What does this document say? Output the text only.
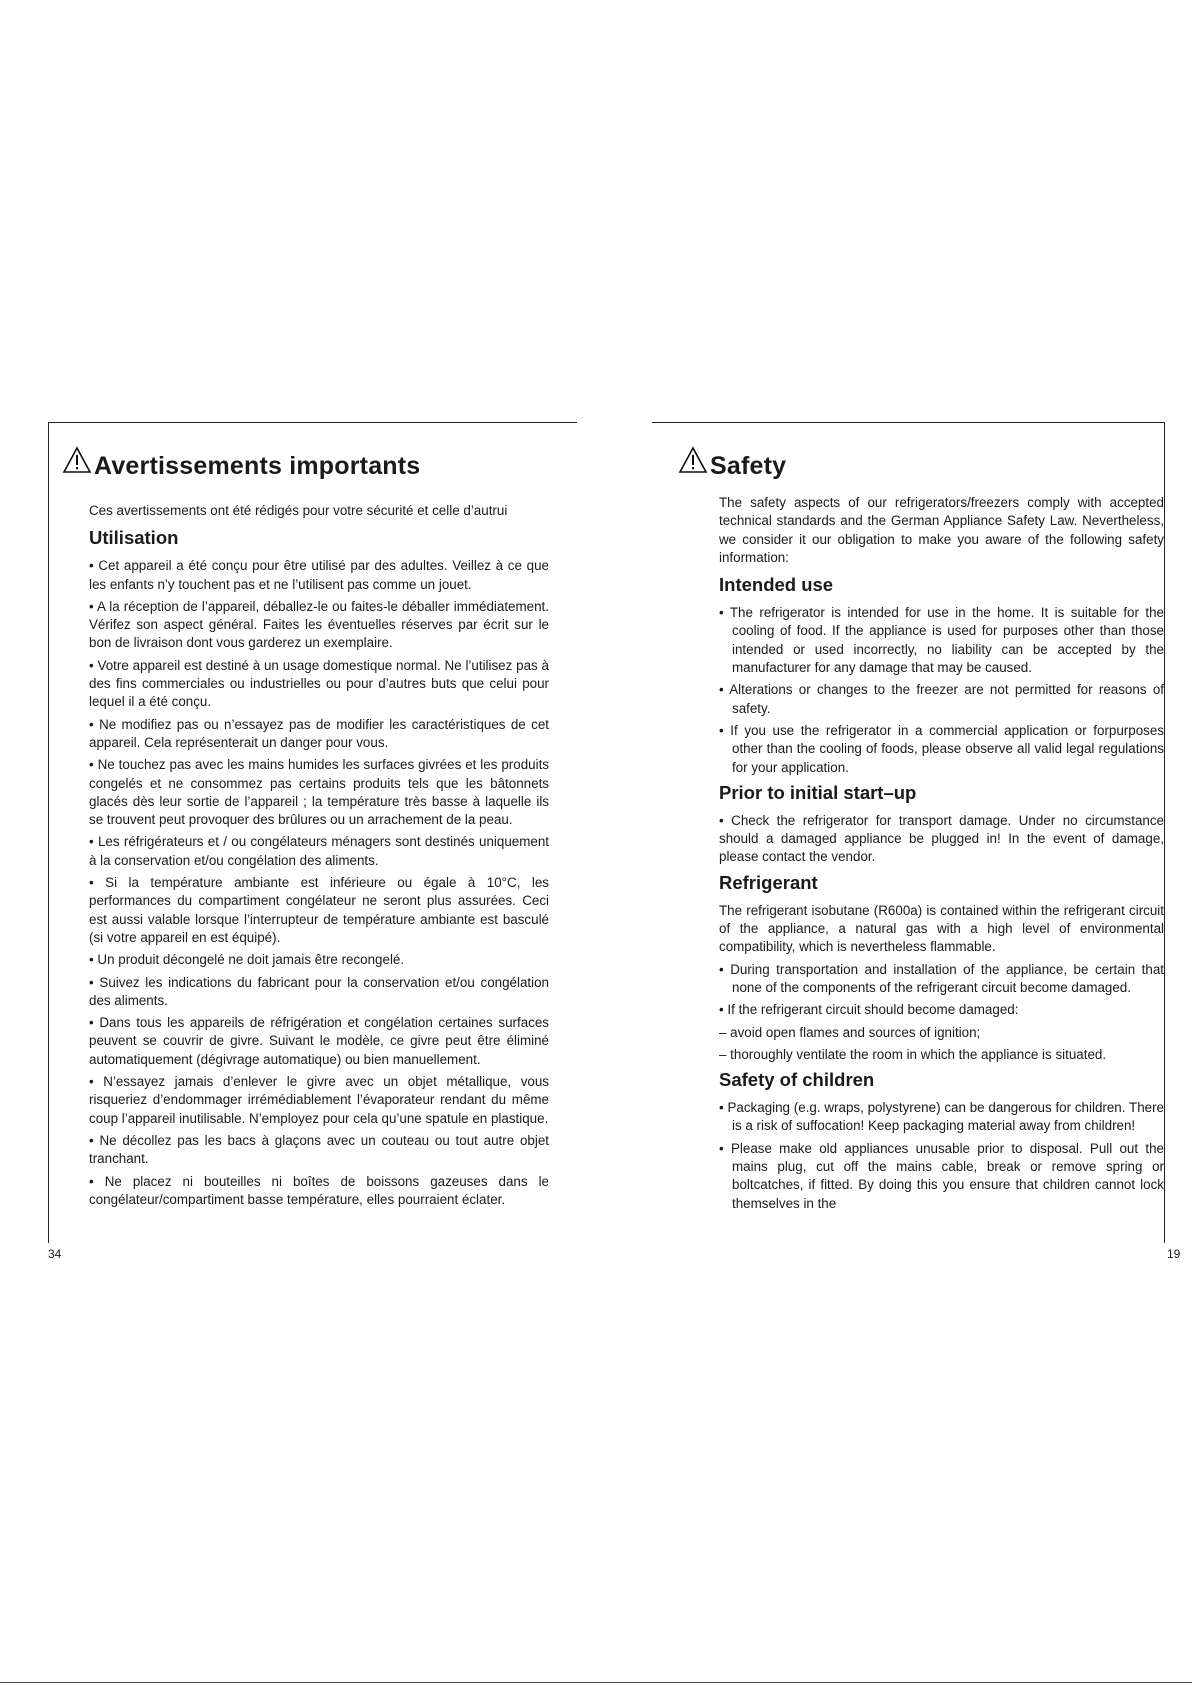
Avertissements importants

Ces avertissements ont été rédigés pour votre sécurité et celle d’autrui

Utilisation

• Cet appareil a été conçu pour être utilisé par des adultes. Veillez à ce que les enfants n’y touchent pas et ne l’utilisent pas comme un jouet.

• A la réception de l’appareil, déballez-le ou faites-le déballer immédiatement. Vérifez son aspect général. Faites les éventuelles réserves par écrit sur le bon de livraison dont vous garderez un exemplaire.

• Votre appareil est destiné à un usage domestique normal. Ne l’utilisez pas à des fins commerciales ou industrielles ou pour d’autres buts que celui pour lequel il a été conçu.

• Ne modifiez pas ou n’essayez pas de modifier les caractéristiques de cet appareil. Cela représenterait un danger pour vous.

• Ne touchez pas avec les mains humides les surfaces givrées et les produits congelés et ne consommez pas certains produits tels que les bâtonnets glacés dès leur sortie de l’appareil ; la température très basse à laquelle ils se trouvent peut provoquer des brûlures ou un arrachement de la peau.

• Les réfrigérateurs et / ou congélateurs ménagers sont destinés uniquement à la conservation et/ou congélation des aliments.

• Si la température ambiante est inférieure ou égale à 10°C, les performances du compartiment congélateur ne seront plus assurées. Ceci est aussi valable lorsque l’interrupteur de température ambiante est basculé (si votre appareil en est équipé).

• Un produit décongelé ne doit jamais être recongelé.

• Suivez les indications du fabricant pour la conservation et/ou congélation des aliments.

• Dans tous les appareils de réfrigération et congélation certaines surfaces peuvent se couvrir de givre. Suivant le modèle, ce givre peut être éliminé automatiquement (dégivrage automatique) ou bien manuellement.

• N’essayez jamais d’enlever le givre avec un objet métallique, vous risqueriez d’endommager irrémédiablement l’évaporateur rendant du même coup l’appareil inutilisable. N’employez pour cela qu’une spatule en plastique.

• Ne décollez pas les bacs à glaçons avec un couteau ou tout autre objet tranchant.

• Ne placez ni bouteilles ni boîtes de boissons gazeuses dans le congélateur/compartiment basse température, elles pourraient éclater.

34
Safety

The safety aspects of our refrigerators/freezers comply with accepted technical standards and the German Appliance Safety Law. Nevertheless, we consider it our obligation to make you aware of the following safety information:

Intended use

• The refrigerator is intended for use in the home. It is suitable for the cooling of food. If the appliance is used for purposes other than those intended or used incorrectly, no liability can be accepted by the manufacturer for any damage that may be caused.

• Alterations or changes to the freezer are not permitted for reasons of safety.

• If you use the refrigerator in a commercial application or forpurposes other than the cooling of foods, please observe all valid legal regulations for your application.

Prior to initial start–up

• Check the refrigerator for transport damage. Under no circumstance should a damaged appliance be plugged in! In the event of damage, please contact the vendor.

Refrigerant

The refrigerant isobutane (R600a) is contained within the refrigerant circuit of the appliance, a natural gas with a high level of environmental compatibility, which is nevertheless flammable.

• During transportation and installation of the appliance, be certain that none of the components of the refrigerant circuit become damaged.

• If the refrigerant circuit should become damaged:

– avoid open flames and sources of ignition;

– thoroughly ventilate the room in which the appliance is situated.

Safety of children

• Packaging (e.g. wraps, polystyrene) can be dangerous for children. There is a risk of suffocation! Keep packaging material away from children!

• Please make old appliances unusable prior to disposal. Pull out the mains plug, cut off the mains cable, break or remove spring or boltcatches, if fitted. By doing this you ensure that children cannot lock themselves in the

19
